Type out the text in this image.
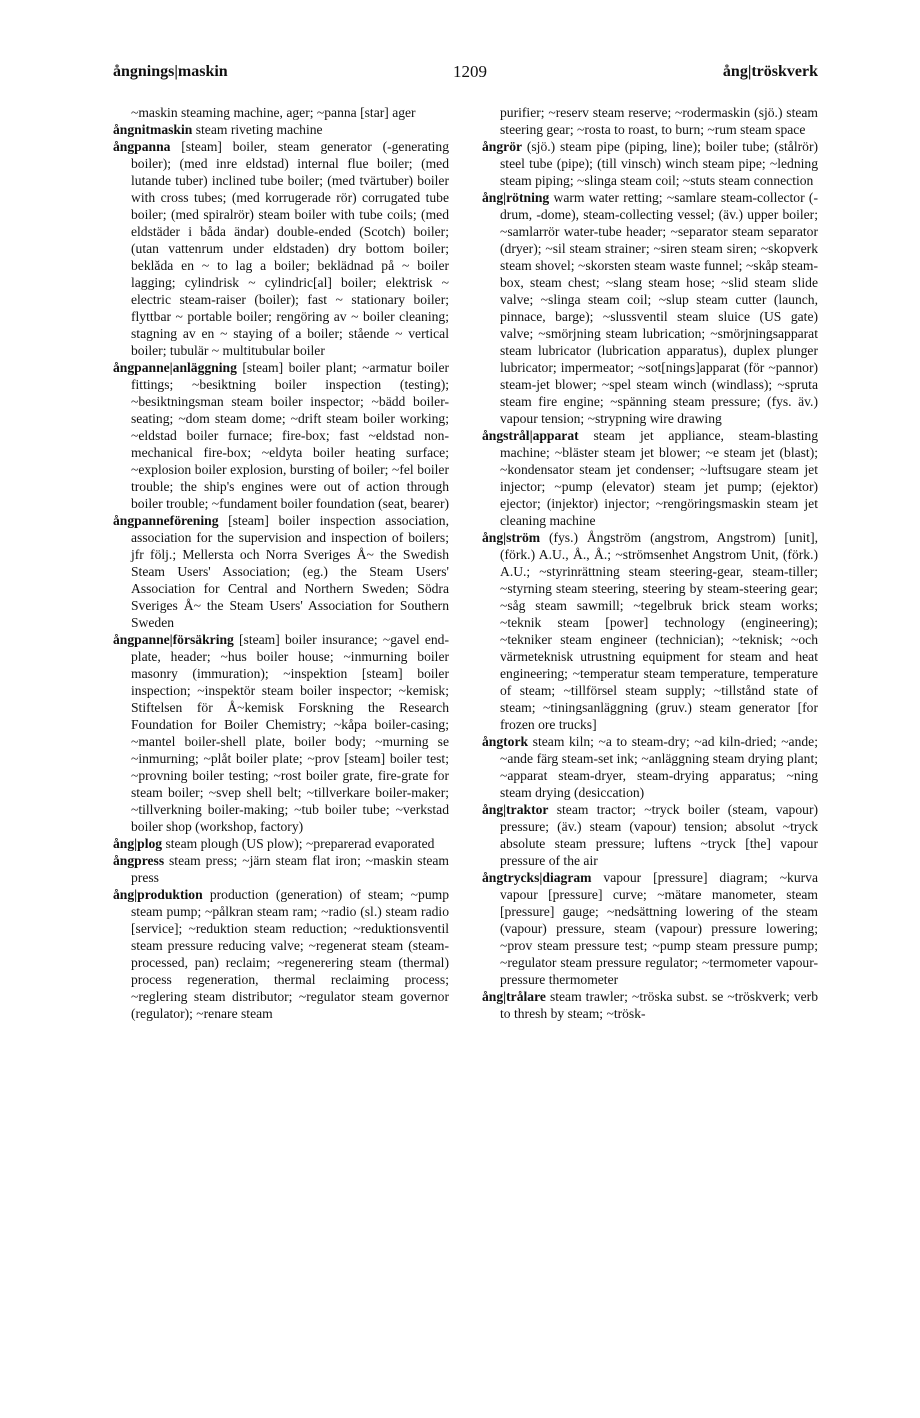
ångnings|maskin	1209	ång|tröskverk

~maskin steaming machine, ager; ~panna [star] ager

ångnitmaskin steam riveting machine

ångpanna [steam] boiler, steam generator (-generating boiler); (med inre eldstad) internal flue boiler; (med lutande tuber) inclined tube boiler; (med tvärtuber) boiler with cross tubes; (med korrugerade rör) corrugated tube boiler; (med spiralrör) steam boiler with tube coils; (med eldstäder i båda ändar) double-ended (Scotch) boiler; (utan vattenrum under eldstaden) dry bottom boiler; beklăda en ~ to lag a boiler; beklädnad på ~ boiler lagging; cylindrisk ~ cylindric[al] boiler; elektrisk ~ electric steam-raiser (boiler); fast ~ stationary boiler; flyttbar ~ portable boiler; rengöring av ~ boiler cleaning; stagning av en ~ staying of a boiler; stående ~ vertical boiler; tubulär ~ multitubular boiler

ångpanne|anläggning [steam] boiler plant; ~armatur boiler fittings; ~besiktning boiler inspection (testing); ~besiktningsman steam boiler inspector; ~bädd boiler-seating; ~dom steam dome; ~drift steam boiler working; ~eldstad boiler furnace; fire-box; fast ~eldstad non-mechanical fire-box; ~eldyta boiler heating surface; ~explosion boiler explosion, bursting of boiler; ~fel boiler trouble; the ship's engines were out of action through boiler trouble; ~fundament boiler foundation (seat, bearer)

ångpanneförening [steam] boiler inspection association, association for the supervision and inspection of boilers; jfr följ.; Mellersta och Norra Sveriges Å~ the Swedish Steam Users' Association; (eg.) the Steam Users' Association for Central and Northern Sweden; Södra Sveriges Å~ the Steam Users' Association for Southern Sweden

ångpanne|försäkring [steam] boiler insurance; ~gavel end-plate, header; ~hus boiler house; ~inmurning boiler masonry (immuration); ~inspektion [steam] boiler inspection; ~inspektör steam boiler inspector; ~kemisk; Stiftelsen för Å~kemisk Forskning the Research Foundation for Boiler Chemistry; ~kåpa boiler-casing; ~mantel boiler-shell plate, boiler body; ~murning se ~inmurning; ~plåt boiler plate; ~prov [steam] boiler test; ~provning boiler testing; ~rost boiler grate, fire-grate for steam boiler; ~svep shell belt; ~tillverkare boiler-maker; ~tillverkning boiler-making; ~tub boiler tube; ~verkstad boiler shop (workshop, factory)

ång|plog steam plough (US plow); ~preparerad evaporated

ångpress steam press; ~järn steam flat iron; ~maskin steam press

ång|produktion production (generation) of steam; ~pump steam pump; ~pålkran steam ram; ~radio (sl.) steam radio [service]; ~reduktion steam reduction; ~reduktionsventil steam pressure reducing valve; ~regenerat steam (steam-processed, pan) reclaim; ~regenerering steam (thermal) process regeneration, thermal reclaiming process; ~reglering steam distributor; ~regulator steam governor (regulator); ~renare steam

purifier; ~reserv steam reserve; ~rodermaskin (sjö.) steam steering gear; ~rosta to roast, to burn; ~rum steam space

ångrör (sjö.) steam pipe (piping, line); boiler tube; (stålrör) steel tube (pipe); (till vinsch) winch steam pipe; ~ledning steam piping; ~slinga steam coil; ~stuts steam connection

ång|rötning warm water retting; ~samlare steam-collector (-drum, -dome), steam-collecting vessel; (äv.) upper boiler; ~samlarrör water-tube header; ~separator steam separator (dryer); ~sil steam strainer; ~siren steam siren; ~skopverk steam shovel; ~skorsten steam waste funnel; ~skåp steam-box, steam chest; ~slang steam hose; ~slid steam slide valve; ~slinga steam coil; ~slup steam cutter (launch, pinnace, barge); ~slussventil steam sluice (US gate) valve; ~smörjning steam lubrication; ~smörjningsapparat steam lubricator (lubrication apparatus), duplex plunger lubricator; impermeator; ~sot[nings]apparat (för ~pannor) steam-jet blower; ~spel steam winch (windlass); ~spruta steam fire engine; ~spänning steam pressure; (fys. äv.) vapour tension; ~strypning wire drawing

ångstrål|apparat steam jet appliance, steam-blasting machine; ~bläster steam jet blower; ~e steam jet (blast); ~kondensator steam jet condenser; ~luftsugare steam jet injector; ~pump (elevator) steam jet pump; (ejektor) ejector; (injektor) injector; ~rengöringsmaskin steam jet cleaning machine

ång|ström (fys.) Ångström (angstrom, Angstrom) [unit], (förk.) A.U., Å., Å.; ~strömsenhet Angstrom Unit, (förk.) A.U.; ~styrinrättning steam steering-gear, steam-tiller; ~styrning steam steering, steering by steam-steering gear; ~såg steam sawmill; ~tegelbruk brick steam works; ~teknik steam [power] technology (engineering); ~tekniker steam engineer (technician); ~teknisk; ~och värmeteknisk utrustning equipment for steam and heat engineering; ~temperatur steam temperature, temperature of steam; ~tillförsel steam supply; ~tillstånd state of steam; ~tiningsanläggning (gruv.) steam generator [for frozen ore trucks]

ångtork steam kiln; ~a to steam-dry; ~ad kiln-dried; ~ande; ~ande färg steam-set ink; ~anläggning steam drying plant; ~apparat steam-dryer, steam-drying apparatus; ~ning steam drying (desiccation)

ång|traktor steam tractor; ~tryck boiler (steam, vapour) pressure; (äv.) steam (vapour) tension; absolut ~tryck absolute steam pressure; luftens ~tryck [the] vapour pressure of the air

ångtrycks|diagram vapour [pressure] diagram; ~kurva vapour [pressure] curve; ~mätare manometer, steam [pressure] gauge; ~nedsättning lowering of the steam (vapour) pressure, steam (vapour) pressure lowering; ~prov steam pressure test; ~pump steam pressure pump; ~regulator steam pressure regulator; ~termometer vapour-pressure thermometer

ång|trålare steam trawler; ~tröska subst. se ~tröskverk; verb to thresh by steam; ~trösk-
